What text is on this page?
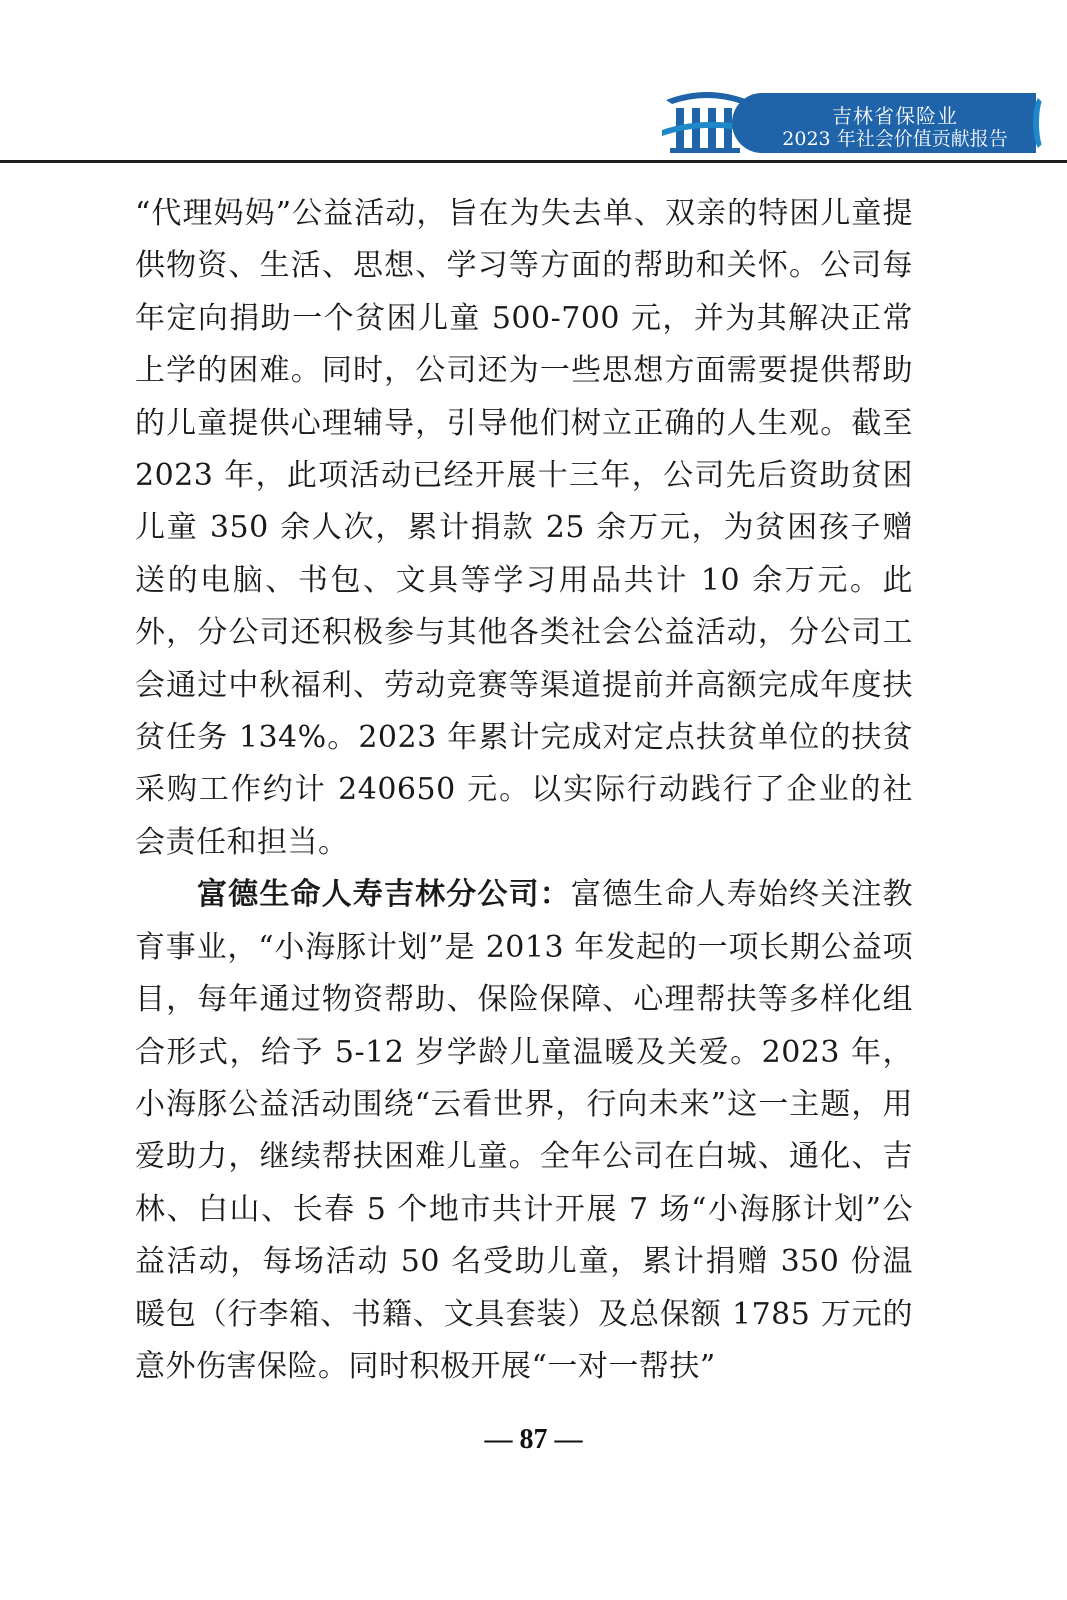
吉林省保险业
2023 年社会价值贡献报告

“代理妈妈”公益活动，旨在为失去单、双亲的特困儿童提供物资、生活、思想、学习等方面的帮助和关怀。公司每年定向捐助一个贫困儿童 500-700 元，并为其解决正常上学的困难。同时，公司还为一些思想方面需要提供帮助的儿童提供心理辅导，引导他们树立正确的人生观。截至 2023 年，此项活动已经开展十三年，公司先后资助贫困儿童 350 余人次，累计捐款 25 余万元，为贫困孩子赠送的电脑、书包、文具等学习用品共计 10 余万元。此外，分公司还积极参与其他各类社会公益活动，分公司工会通过中秋福利、劳动竞赛等渠道提前并高额完成年度扶贫任务 134%。2023 年累计完成对定点扶贫单位的扶贫采购工作约计 240650 元。以实际行动践行了企业的社会责任和担当。

富德生命人寿吉林分公司：富德生命人寿始终关注教育事业，“小海豚计划”是 2013 年发起的一项长期公益项目，每年通过物资帮助、保险保障、心理帮扶等多样化组合形式，给予 5-12 岁学龄儿童温暖及关爱。2023 年，小海豚公益活动围绕“云看世界，行向未来”这一主题，用爱助力，继续帮扶困难儿童。全年公司在白城、通化、吉林、白山、长春 5 个地市共计开展 7 场“小海豚计划”公益活动，每场活动 50 名受助儿童，累计捐赠 350 份温暖包（行李箱、书籍、文具套装）及总保额 1785 万元的意外伤害保险。同时积极开展“一对一帮扶”

— 87 —
